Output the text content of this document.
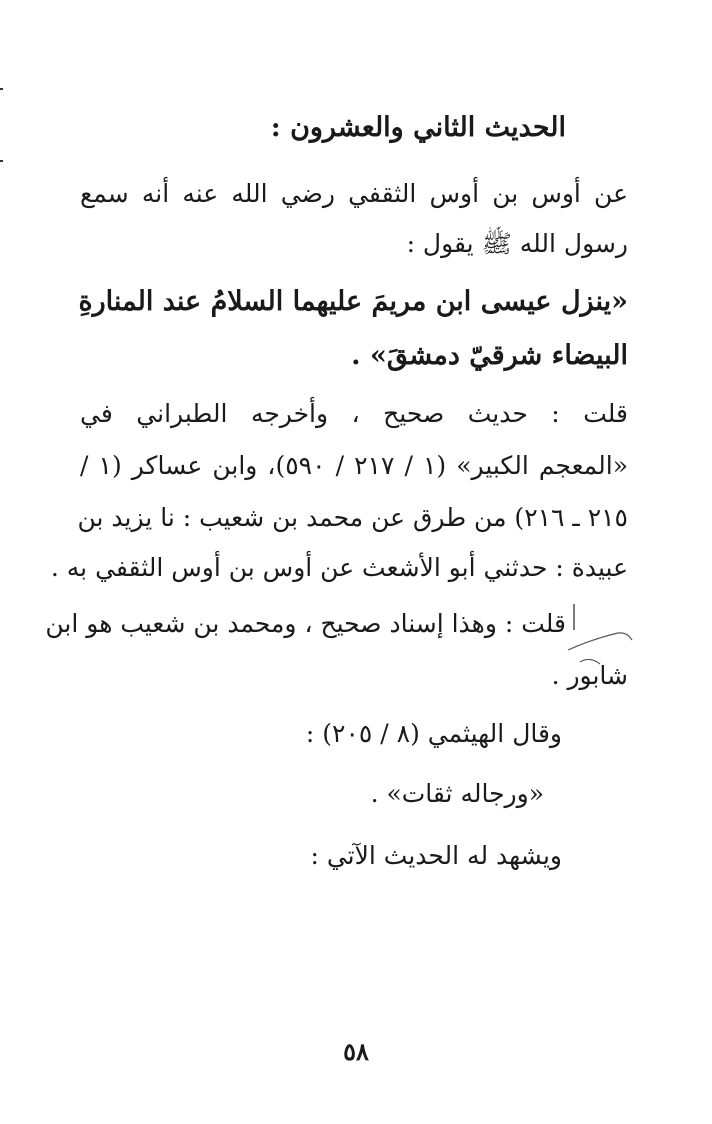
الحديث الثاني والعشرون :
عن أوس بن أوس الثقفي رضي الله عنه أنه سمع
رسول الله ﷺ يقول :
«ينزل عيسى ابن مريمَ عليهما السلامُ عند المنارةِ
البيضاء شرقيّ دمشقَ» .
قلت : حديث صحيح ، وأخرجه الطبراني في
«المعجم الكبير» (١ / ٢١٧ / ٥٩٠)، وابن عساكر (١ /
٢١٥ ـ ٢١٦) من طرق عن محمد بن شعيب : نا يزيد بن
عبيدة : حدثني أبو الأشعث عن أوس بن أوس الثقفي به .
قلت : وهذا إسناد صحيح ، ومحمد بن شعيب هو ابن
شابور .
وقال الهيثمي (٨ / ٢٠٥) :
«ورجاله ثقات» .
ويشهد له الحديث الآتي :
٥٨
